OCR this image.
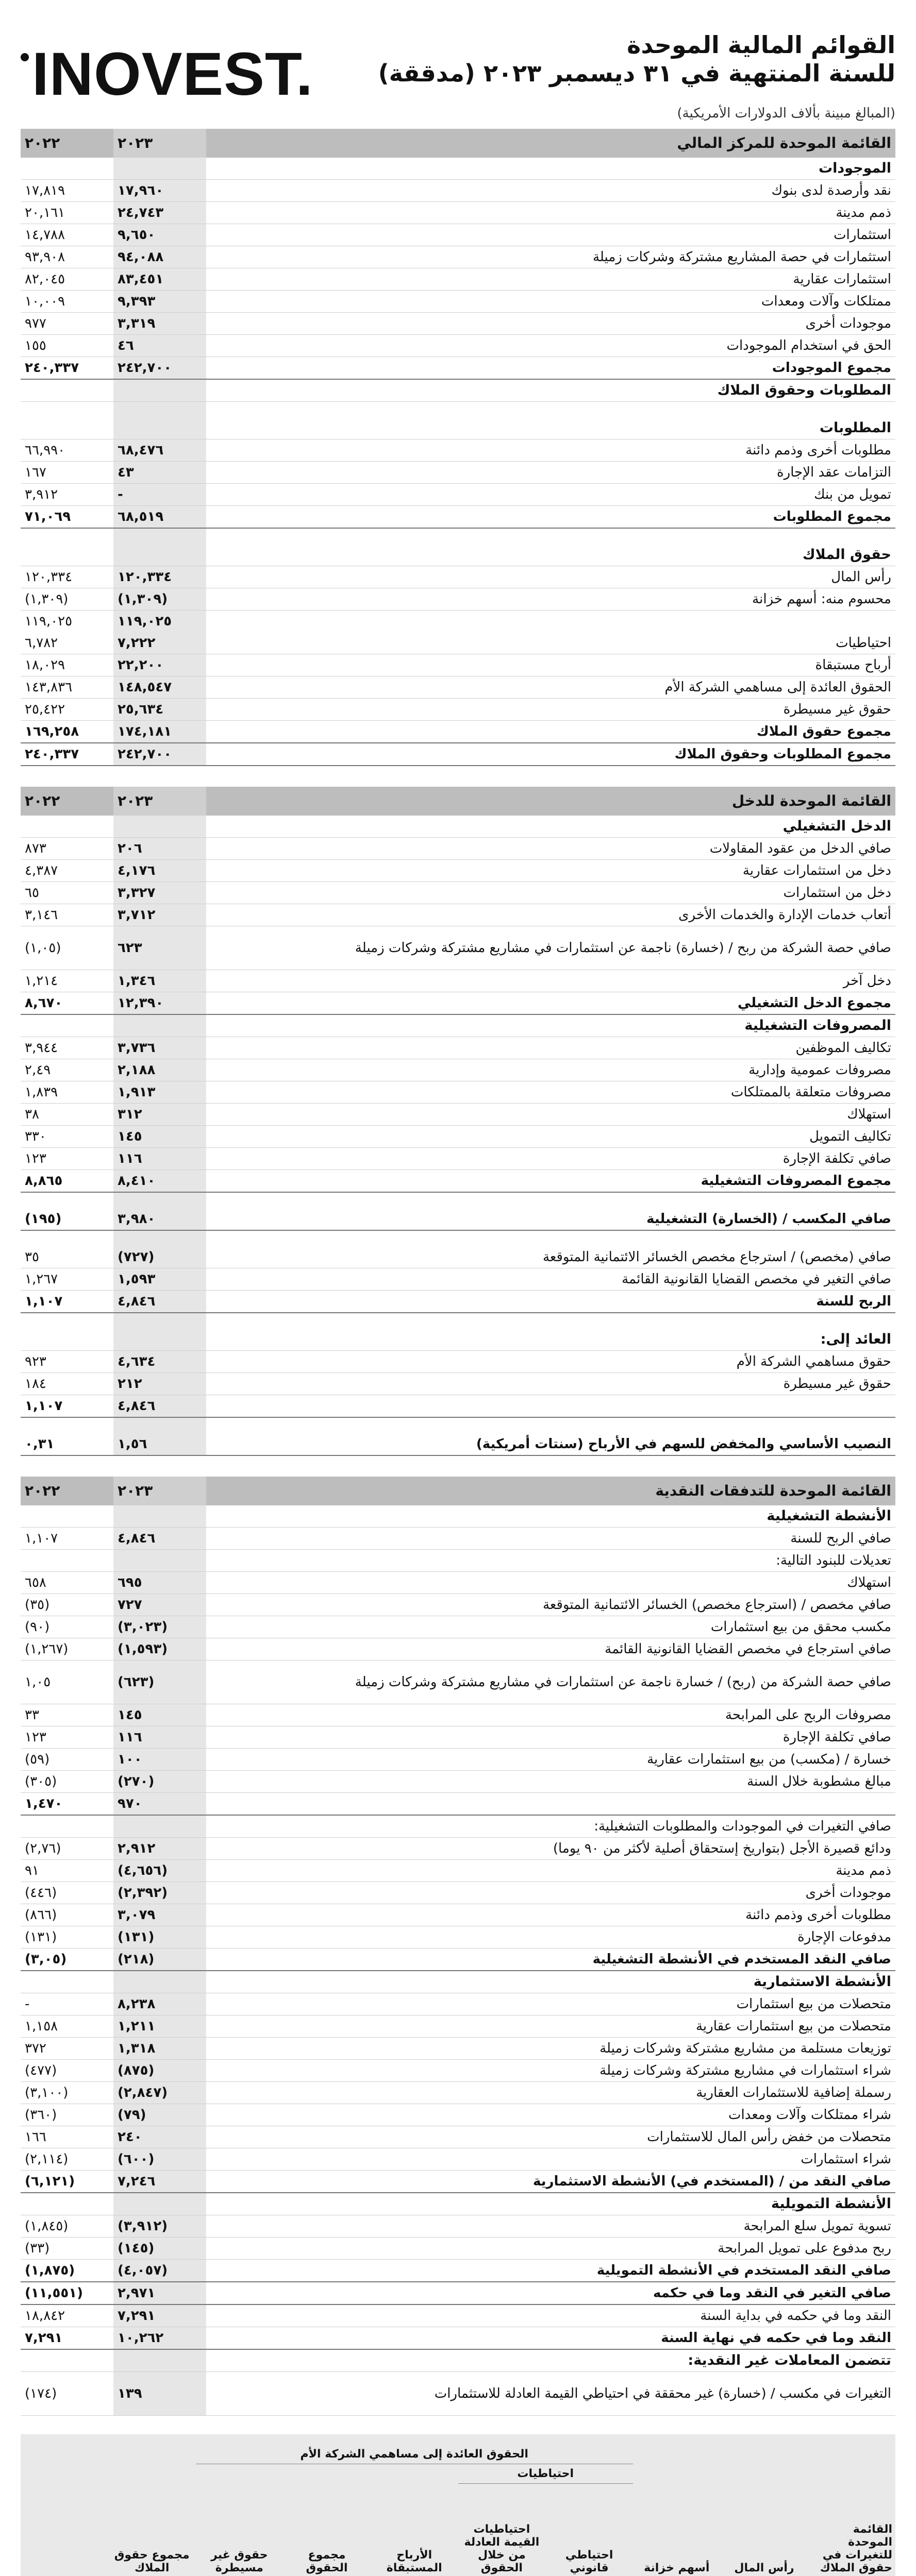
INOVEST.	القوائم المالية الموحدة
للسنة المنتهية في ٣١ ديسمبر ٢٠٢٣ (مدققة)
(المبالغ مبينة بألاف الدولارات الأمريكية)
القائمة الموحدة للمركز المالي	٢٠٢٣	٢٠٢٢
الموجودات		
نقد وأرصدة لدى بنوك	١٧,٩٦٠	١٧,٨١٩
ذمم مدينة	٢٤,٧٤٣	٢٠,١٦١
استثمارات	٩,٦٥٠	١٤,٧٨٨
استثمارات في حصة المشاريع مشتركة وشركات زميلة	٩٤,٠٨٨	٩٣,٩٠٨
استثمارات عقارية	٨٣,٤٥١	٨٢,٠٤٥
ممتلكات وآلات ومعدات	٩,٣٩٣	١٠,٠٠٩
موجودات أخرى	٣,٣١٩	٩٧٧
الحق في استخدام الموجودات	٤٦	١٥٥
مجموع الموجودات	٢٤٢,٧٠٠	٢٤٠,٣٣٧
المطلوبات وحقوق الملاك		

المطلوبات		
مطلوبات أخرى وذمم دائنة	٦٨,٤٧٦	٦٦,٩٩٠
التزامات عقد الإجارة	٤٣	١٦٧
تمويل من بنك	-	٣,٩١٢
مجموع المطلوبات	٦٨,٥١٩	٧١,٠٦٩

حقوق الملاك		
رأس المال	١٢٠,٣٣٤	١٢٠,٣٣٤
محسوم منه: أسهم خزانة	(١,٣٠٩)	(١,٣٠٩)
	١١٩,٠٢٥	١١٩,٠٢٥
احتياطيات	٧,٢٢٢	٦,٧٨٢
أرباح مستبقاة	٢٢,٢٠٠	١٨,٠٢٩
الحقوق العائدة إلى مساهمي الشركة الأم	١٤٨,٥٤٧	١٤٣,٨٣٦
حقوق غير مسيطرة	٢٥,٦٣٤	٢٥,٤٢٢
مجموع حقوق الملاك	١٧٤,١٨١	١٦٩,٢٥٨
مجموع المطلوبات وحقوق الملاك	٢٤٢,٧٠٠	٢٤٠,٣٣٧
القائمة الموحدة للدخل	٢٠٢٣	٢٠٢٢
الدخل التشغيلي		
صافي الدخل من عقود المقاولات	٢٠٦	٨٧٣
دخل من استثمارات عقارية	٤,١٧٦	٤,٣٨٧
دخل من استثمارات	٣,٣٢٧	٦٥
أتعاب خدمات الإدارة والخدمات الأخرى	٣,٧١٢	٣,١٤٦
صافي حصة الشركة من ربح / (خسارة) ناجمة عن استثمارات في مشاريع مشتركة وشركات زميلة	٦٢٣	(١,٠٥)
دخل آخر	١,٣٤٦	١,٢١٤
مجموع الدخل التشغيلي	١٢,٣٩٠	٨,٦٧٠
المصروفات التشغيلية		
تكاليف الموظفين	٣,٧٣٦	٣,٩٤٤
مصروفات عمومية وإدارية	٢,١٨٨	٢,٤٩
مصروفات متعلقة بالممتلكات	١,٩١٣	١,٨٣٩
استهلاك	٣١٢	٣٨
تكاليف التمويل	١٤٥	٣٣٠
صافي تكلفة الإجارة	١١٦	١٢٣
مجموع المصروفات التشغيلية	٨,٤١٠	٨,٨٦٥

صافي المكسب / (الخسارة) التشغيلية	٣,٩٨٠	(١٩٥)

صافي (مخصص) / استرجاع مخصص الخسائر الائتمانية المتوقعة	(٧٢٧)	٣٥
صافي التغير في مخصص القضايا القانونية القائمة	١,٥٩٣	١,٢٦٧
الربح للسنة	٤,٨٤٦	١,١٠٧

العائد إلى:		
حقوق مساهمي الشركة الأم	٤,٦٣٤	٩٢٣
حقوق غير مسيطرة	٢١٢	١٨٤
	٤,٨٤٦	١,١٠٧

النصيب الأساسي والمخفض للسهم في الأرباح (سنتات أمريكية)	١,٥٦	٠,٣١
القائمة الموحدة للتدفقات النقدية	٢٠٢٣	٢٠٢٢
الأنشطة التشغيلية		
صافي الربح للسنة	٤,٨٤٦	١,١٠٧
تعديلات للبنود التالية:		
استهلاك	٦٩٥	٦٥٨
صافي مخصص / (استرجاع مخصص) الخسائر الائتمانية المتوقعة	٧٢٧	(٣٥)
مكسب محقق من بيع استثمارات	(٣,٠٢٣)	(٩٠)
صافي استرجاع في مخصص القضايا القانونية القائمة	(١,٥٩٣)	(١,٢٦٧)
صافي حصة الشركة من (ربح) / خسارة ناجمة عن استثمارات في مشاريع مشتركة وشركات زميلة	(٦٢٣)	١,٠٥
مصروفات الربح على المرابحة	١٤٥	٣٣
صافي تكلفة الإجارة	١١٦	١٢٣
خسارة / (مكسب) من بيع استثمارات عقارية	١٠٠	(٥٩)
مبالغ مشطوبة خلال السنة	(٢٧٠)	(٣٠٥)
	٩٧٠	١,٤٧٠
صافي التغيرات في الموجودات والمطلوبات التشغيلية:		
ودائع قصيرة الأجل (بتواريخ إستحقاق أصلية لأكثر من ٩٠ يوما)	٢,٩١٢	(٢,٧٦)
ذمم مدينة	(٤,٦٥٦)	٩١
موجودات أخرى	(٢,٣٩٢)	(٤٤٦)
مطلوبات أخرى وذمم دائنة	٣,٠٧٩	(٨٦٦)
مدفوعات الإجارة	(١٣١)	(١٣١)
صافي النقد المستخدم في الأنشطة التشغيلية	(٢١٨)	(٣,٠٥)
الأنشطة الاستثمارية		
متحصلات من بيع استثمارات	٨,٢٣٨	-
متحصلات من بيع استثمارات عقارية	١,٢١١	١,١٥٨
توزيعات مستلمة من مشاريع مشتركة وشركات زميلة	١,٣١٨	٣٧٢
شراء استثمارات في مشاريع مشتركة وشركات زميلة	(٨٧٥)	(٤٧٧)
رسملة إضافية للاستثمارات العقارية	(٢,٨٤٧)	(٣,١٠٠)
شراء ممتلكات وآلات ومعدات	(٧٩)	(٣٦٠)
متحصلات من خفض رأس المال للاستثمارات	٢٤٠	١٦٦
شراء استثمارات	(٦٠٠)	(٢,١١٤)
صافي النقد من / (المستخدم في) الأنشطة الاستثمارية	٧,٢٤٦	(٦,١٢١)
الأنشطة التمويلية		
تسوية تمويل سلع المرابحة	(٣,٩١٢)	(١,٨٤٥)
ربح مدفوع على تمويل المرابحة	(١٤٥)	(٣٣)
صافي النقد المستخدم في الأنشطة التمويلية	(٤,٠٥٧)	(١,٨٧٥)
صافي التغير في النقد وما في حكمه	٢,٩٧١	(١١,٥٥١)
النقد وما في حكمه في بداية السنة	٧,٢٩١	١٨,٨٤٢
النقد وما في حكمه في نهاية السنة	١٠,٢٦٢	٧,٢٩١
تتضمن المعاملات غير النقدية:		
التغيرات في مكسب / (خسارة) غير محققة في احتياطي القيمة العادلة للاستثمارات	١٣٩	(١٧٤)
			الحقوق العائدة إلى مساهمي الشركة الأم						
			احتياطيات						
القائمة الموحدة للتغيرات في حقوق الملاك	رأس المال	أسهم خزانة	احتياطي قانوني	احتياطيات القيمة العادلة من خلال الحقوق	الأرباح المستبقاة	مجموع الحقوق	حقوق غير مسيطرة	مجموع حقوق الملاك	
